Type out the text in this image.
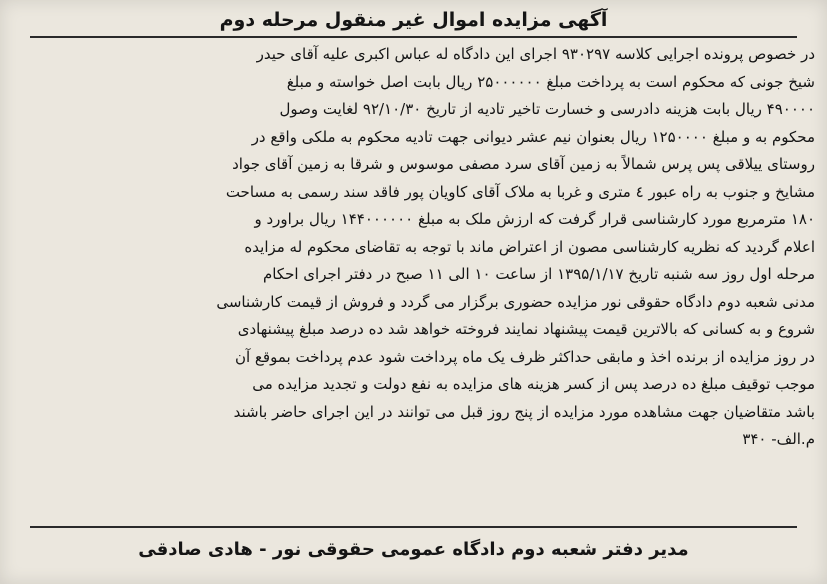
آگهی مزایده اموال غیر منقول مرحله دوم
در خصوص پرونده اجرایی کلاسه ۹۳۰۲۹۷ اجرای این دادگاه له عباس اکبری علیه آقای حیدر
شیخ جونی که محکوم است به پرداخت مبلغ ۲۵۰۰۰۰۰۰ ریال بابت اصل خواسته و مبلغ
۴۹۰۰۰۰ ریال بابت هزینه دادرسی و خسارت تاخیر تادیه از تاریخ ۹۲/۱۰/۳۰ لغایت وصول
محکوم به و مبلغ ۱۲۵۰۰۰۰ ریال بعنوان نیم عشر دیوانی جهت تادیه محکوم به ملکی واقع در
روستای ییلاقی پس پرس شمالاً به زمین آقای سرد مصفی موسوس و شرقا به زمین آقای جواد
مشایخ و جنوب به راه عبور ٤ متری و غربا به ملاک آقای کاویان پور فاقد سند رسمی به مساحت
۱۸۰ مترمربع مورد کارشناسی قرار گرفت که ارزش ملک به مبلغ ۱۴۴۰۰۰۰۰۰ ریال براورد و
اعلام گردید که نظریه کارشناسی مصون از اعتراض ماند با توجه به تقاضای محکوم له مزایده
مرحله اول روز سه شنبه تاریخ ۱۳۹۵/۱/۱۷ از ساعت ۱۰ الی ۱۱ صبح در دفتر اجرای احکام
مدنی شعبه دوم دادگاه حقوقی نور مزایده حضوری برگزار می گردد و فروش از قیمت کارشناسی
شروع و به کسانی که بالاترین قیمت پیشنهاد نمایند فروخته خواهد شد ده درصد مبلغ پیشنهادی
در روز مزایده از برنده اخذ و مابقی حداکثر ظرف یک ماه پرداخت شود عدم پرداخت بموقع آن
موجب توقیف مبلغ ده درصد پس از کسر هزینه های مزایده به نفع دولت و تجدید مزایده می
باشد متقاضیان جهت مشاهده مورد مزایده از پنج روز قبل می توانند در این اجرای حاضر باشند
م.الف- ۳۴۰
مدیر دفتر شعبه دوم دادگاه عمومی حقوقی نور - هادی صادقی
